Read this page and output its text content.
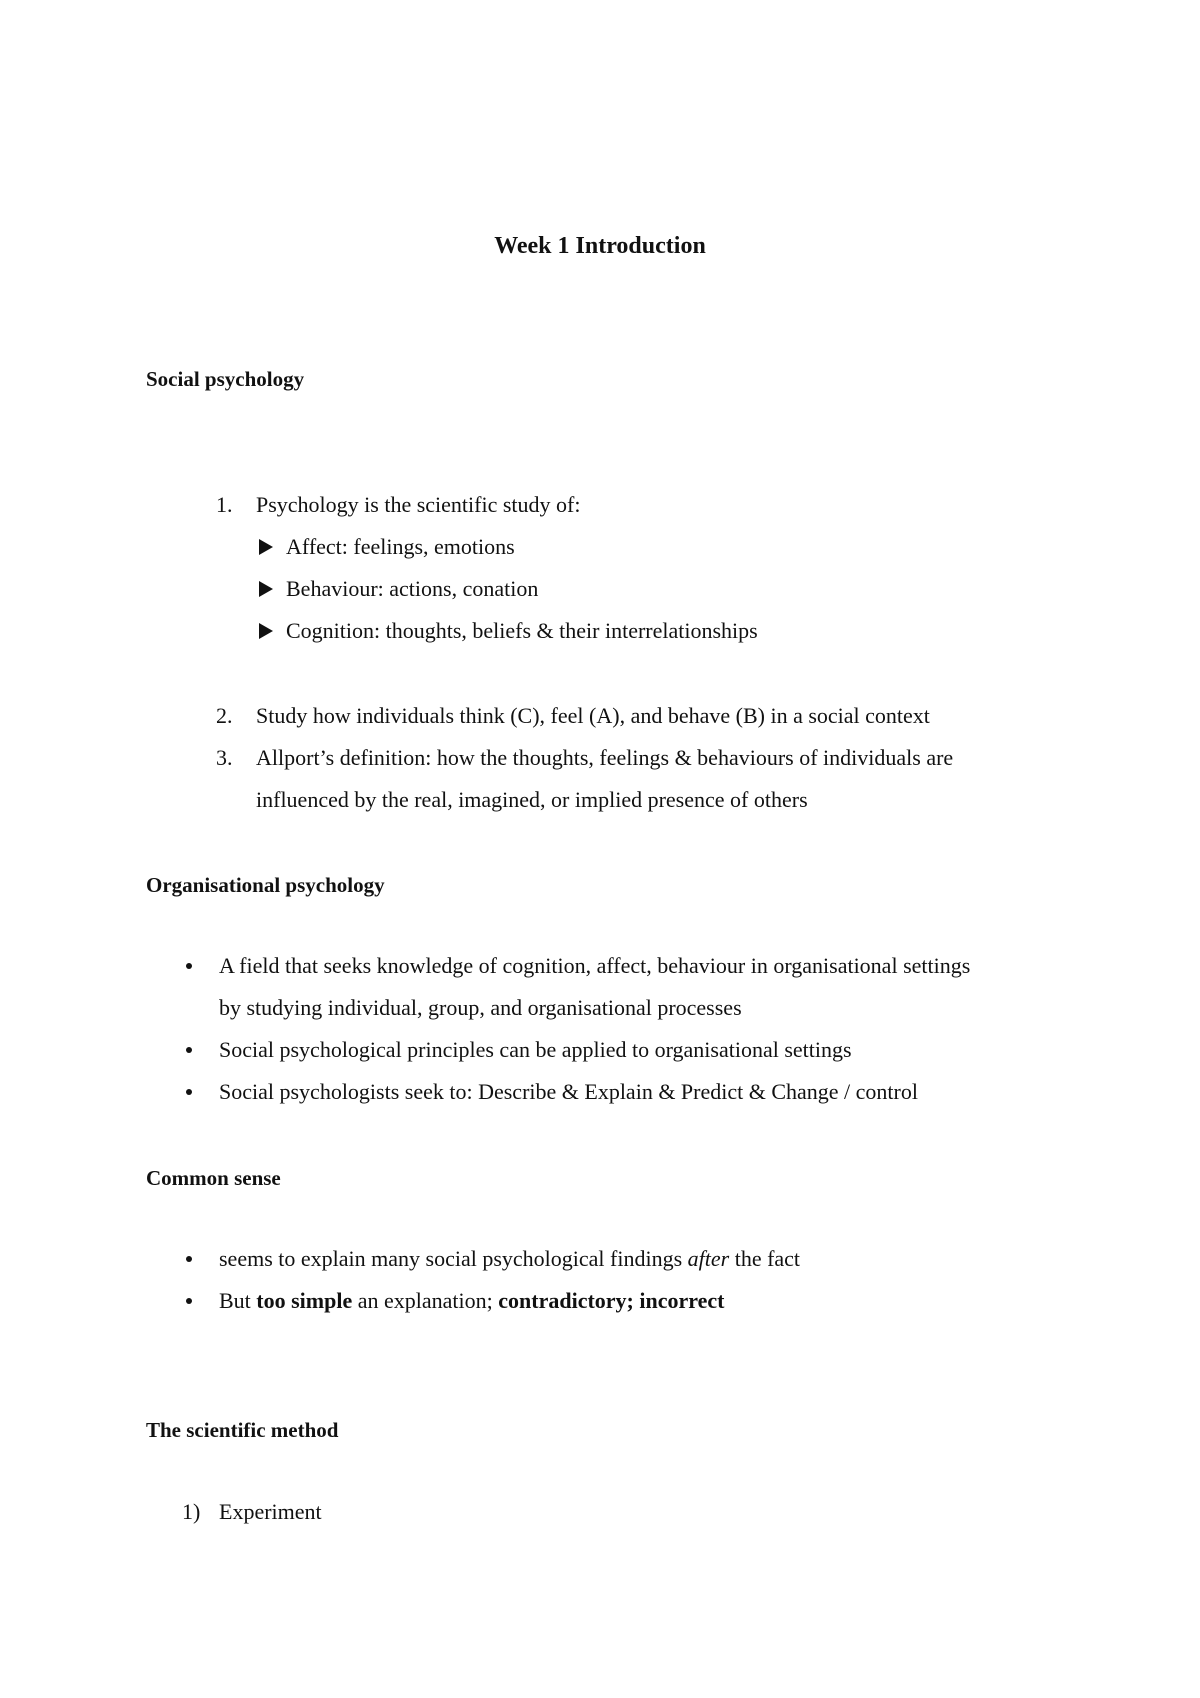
Week 1 Introduction
Social psychology
1. Psychology is the scientific study of:
Affect: feelings, emotions
Behaviour: actions, conation
Cognition: thoughts, beliefs & their interrelationships
2. Study how individuals think (C), feel (A), and behave (B) in a social context
3. Allport’s definition: how the thoughts, feelings & behaviours of individuals are
influenced by the real, imagined, or implied presence of others
Organisational psychology
A field that seeks knowledge of cognition, affect, behaviour in organisational settings
by studying individual, group, and organisational processes
Social psychological principles can be applied to organisational settings
Social psychologists seek to: Describe & Explain & Predict & Change / control
Common sense
seems to explain many social psychological findings after the fact
But too simple an explanation; contradictory; incorrect
The scientific method
1) Experiment
